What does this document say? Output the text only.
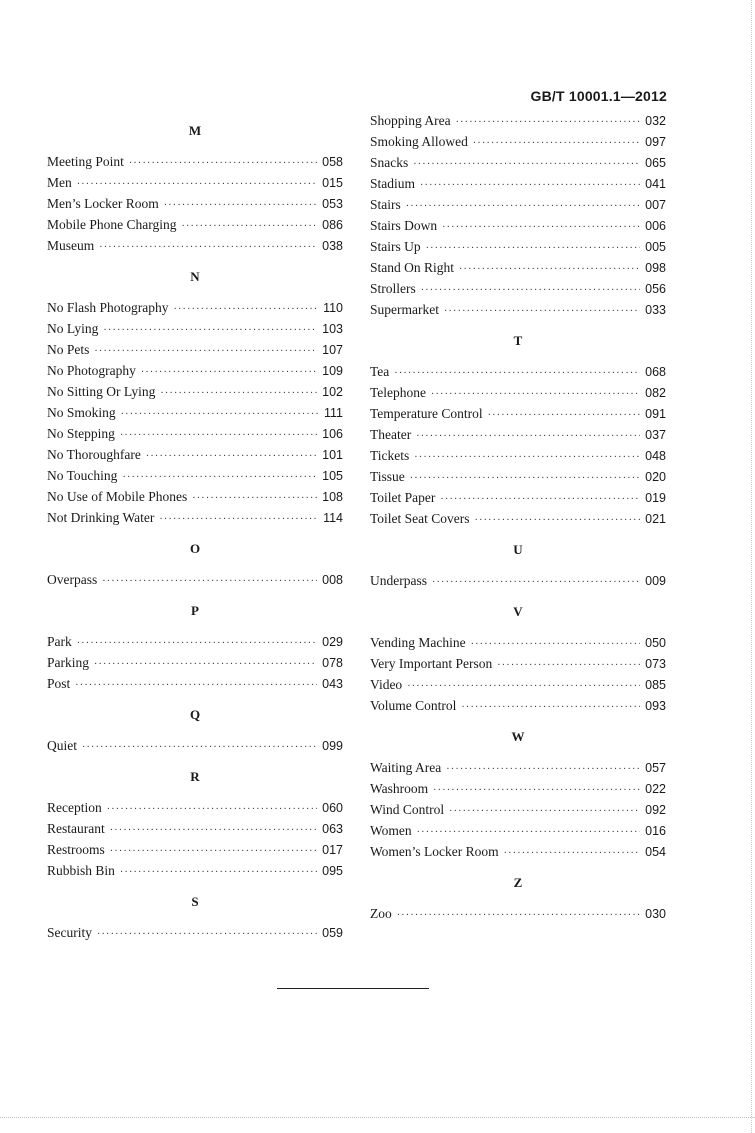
GB/T 10001.1—2012
M
Meeting Point ·····	058
Men ·····	015
Men’s Locker Room ·····	053
Mobile Phone Charging ·····	086
Museum ·····	038
N
No Flash Photography ·····	110
No Lying ·····	103
No Pets ·····	107
No Photography ·····	109
No Sitting Or Lying ·····	102
No Smoking ·····	111
No Stepping ·····	106
No Thoroughfare ·····	101
No Touching ·····	105
No Use of Mobile Phones ·····	108
Not Drinking Water ·····	114
O
Overpass ·····	008
P
Park ·····	029
Parking ·····	078
Post ·····	043
Q
Quiet ·····	099
R
Reception ·····	060
Restaurant ·····	063
Restrooms ·····	017
Rubbish Bin ·····	095
S
Security ·····	059
Shopping Area ·····	032
Smoking Allowed ·····	097
Snacks ·····	065
Stadium ·····	041
Stairs ·····	007
Stairs Down ·····	006
Stairs Up ·····	005
Stand On Right ·····	098
Strollers ·····	056
Supermarket ·····	033
T
Tea ·····	068
Telephone ·····	082
Temperature Control ·····	091
Theater ·····	037
Tickets ·····	048
Tissue ·····	020
Toilet Paper ·····	019
Toilet Seat Covers ·····	021
U
Underpass ·····	009
V
Vending Machine ·····	050
Very Important Person ·····	073
Video ·····	085
Volume Control ·····	093
W
Waiting Area ·····	057
Washroom ·····	022
Wind Control ·····	092
Women ·····	016
Women’s Locker Room ·····	054
Z
Zoo ·····	030
